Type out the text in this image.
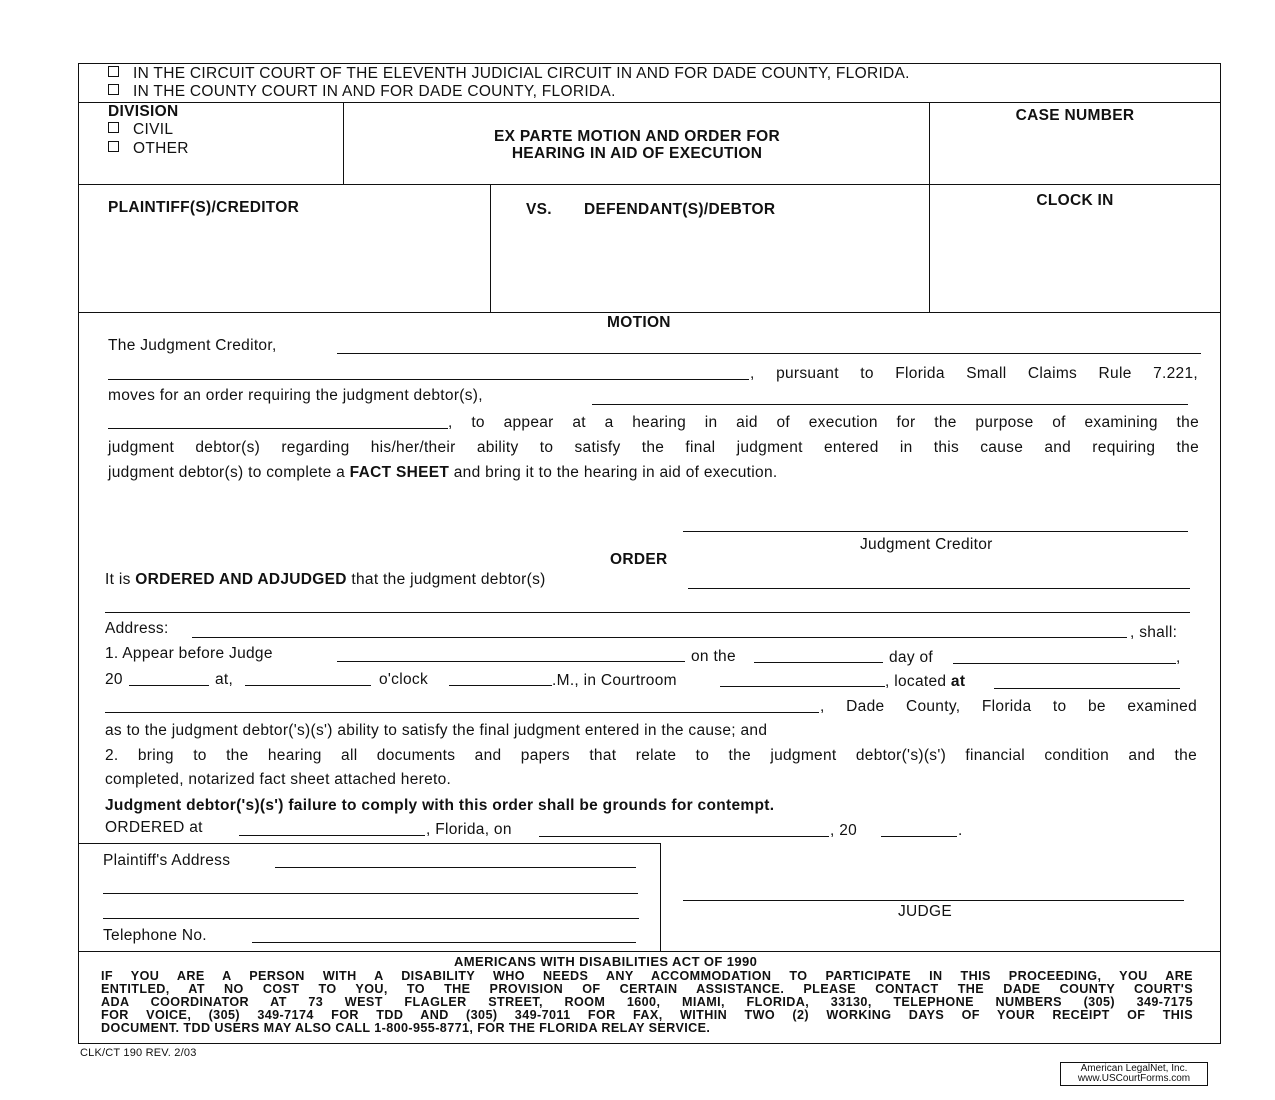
IN THE CIRCUIT COURT OF THE ELEVENTH JUDICIAL CIRCUIT IN AND FOR DADE COUNTY, FLORIDA.
IN THE COUNTY COURT IN AND FOR DADE COUNTY, FLORIDA.
DIVISION
CIVIL
OTHER
EX PARTE MOTION AND ORDER FOR
HEARING IN AID OF EXECUTION
CASE NUMBER
PLAINTIFF(S)/CREDITOR	VS. DEFENDANT(S)/DEBTOR
CLOCK IN
MOTION
The Judgment Creditor,
, pursuant to Florida Small Claims Rule 7.221,
moves for an order requiring the judgment debtor(s),
, to appear at a hearing in aid of execution for the purpose of examining the
judgment debtor(s) regarding his/her/their ability to satisfy the final judgment entered in this cause and requiring the
judgment debtor(s) to complete a FACT SHEET and bring it to the hearing in aid of execution.
Judgment Creditor
ORDER
It is ORDERED AND ADJUDGED that the judgment debtor(s)
Address:	, shall:
1. Appear before Judge	on the	day of	,
20	at,	o'clock	.M., in Courtroom	, located at
, Dade County, Florida to be examined
as to the judgment debtor('s)(s') ability to satisfy the final judgment entered in the cause; and
2. bring to the hearing all documents and papers that relate to the judgment debtor('s)(s') financial condition and the
completed, notarized fact sheet attached hereto.
Judgment debtor('s)(s') failure to comply with this order shall be grounds for contempt.
ORDERED at	, Florida, on	, 20	.
Plaintiff's Address
Telephone No.
JUDGE
AMERICANS WITH DISABILITIES ACT OF 1990
IF YOU ARE A PERSON WITH A DISABILITY WHO NEEDS ANY ACCOMMODATION TO PARTICIPATE IN THIS PROCEEDING, YOU ARE
ENTITLED, AT NO COST TO YOU, TO THE PROVISION OF CERTAIN ASSISTANCE. PLEASE CONTACT THE DADE COUNTY COURT'S
ADA COORDINATOR AT 73 WEST FLAGLER STREET, ROOM 1600, MIAMI, FLORIDA, 33130, TELEPHONE NUMBERS (305) 349-7175
FOR VOICE, (305) 349-7174 FOR TDD AND (305) 349-7011 FOR FAX, WITHIN TWO (2) WORKING DAYS OF YOUR RECEIPT OF THIS
DOCUMENT. TDD USERS MAY ALSO CALL 1-800-955-8771, FOR THE FLORIDA RELAY SERVICE.
CLK/CT 190 REV. 2/03
American LegalNet, Inc.
www.USCourtForms.com
